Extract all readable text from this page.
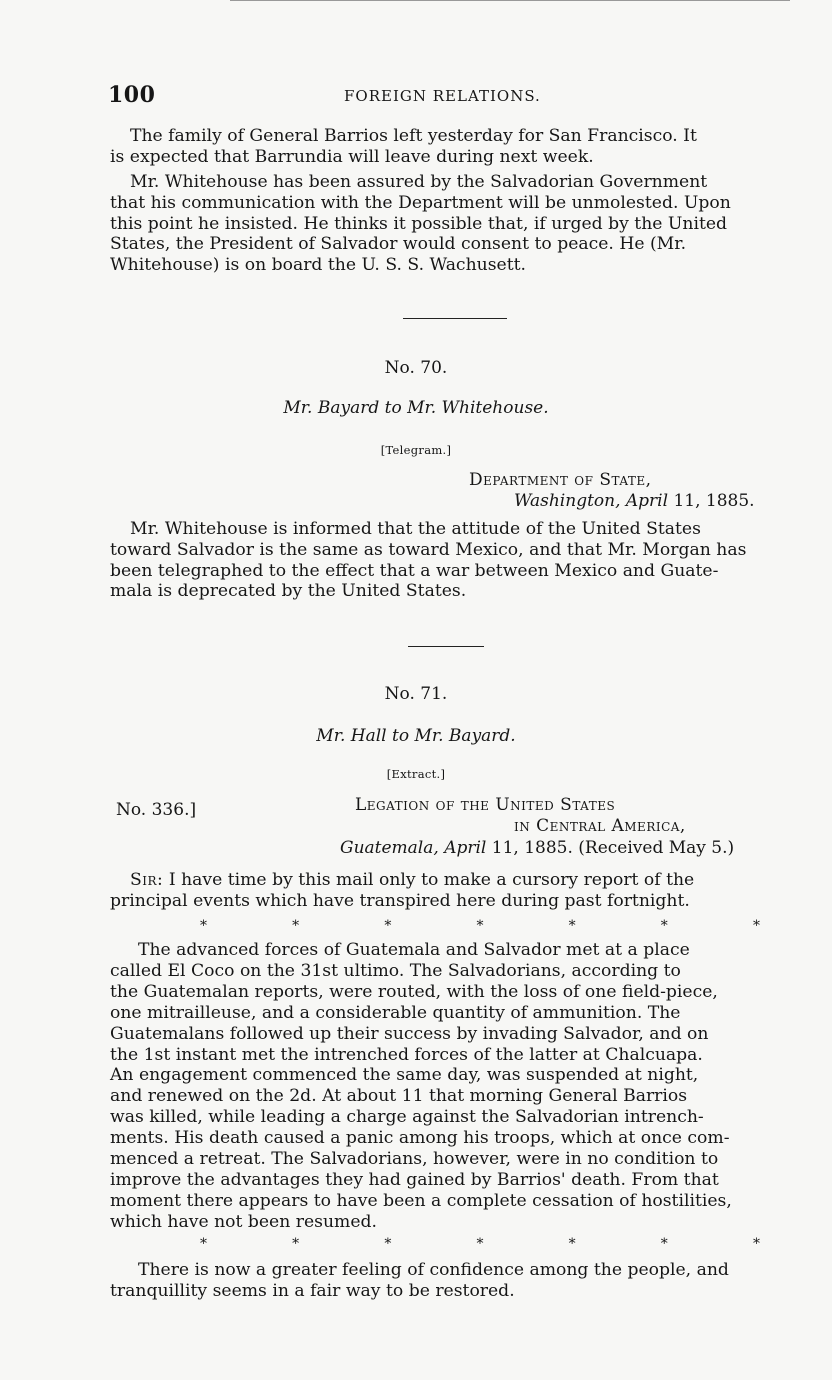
100	FOREIGN RELATIONS.
The family of General Barrios left yesterday for San Francisco. It
is expected that Barrundia will leave during next week.
Mr. Whitehouse has been assured by the Salvadorian Government
that his communication with the Department will be unmolested. Upon
this point he insisted. He thinks it possible that, if urged by the United
States, the President of Salvador would consent to peace. He (Mr.
Whitehouse) is on board the U. S. S. Wachusett.
No. 70.
Mr. Bayard to Mr. Whitehouse.
[Telegram.]
Department of State,
Washington, April 11, 1885.
Mr. Whitehouse is informed that the attitude of the United States
toward Salvador is the same as toward Mexico, and that Mr. Morgan has
been telegraphed to the effect that a war between Mexico and Guate-
mala is deprecated by the United States.
No. 71.
Mr. Hall to Mr. Bayard.
[Extract.]
No. 336.]	Legation of the United States
in Central America,
Guatemala, April 11, 1885. (Received May 5.)
Sir: I have time by this mail only to make a cursory report of the
principal events which have transpired here during past fortnight.
*	*	*	*	*	*	*
The advanced forces of Guatemala and Salvador met at a place
called El Coco on the 31st ultimo. The Salvadorians, according to
the Guatemalan reports, were routed, with the loss of one field-piece,
one mitrailleuse, and a considerable quantity of ammunition. The
Guatemalans followed up their success by invading Salvador, and on
the 1st instant met the intrenched forces of the latter at Chalcuapa.
An engagement commenced the same day, was suspended at night,
and renewed on the 2d. At about 11 that morning General Barrios
was killed, while leading a charge against the Salvadorian intrench-
ments. His death caused a panic among his troops, which at once com-
menced a retreat. The Salvadorians, however, were in no condition to
improve the advantages they had gained by Barrios' death. From that
moment there appears to have been a complete cessation of hostilities,
which have not been resumed.
*	*	*	*	*	*	*
There is now a greater feeling of confidence among the people, and
tranquillity seems in a fair way to be restored.
